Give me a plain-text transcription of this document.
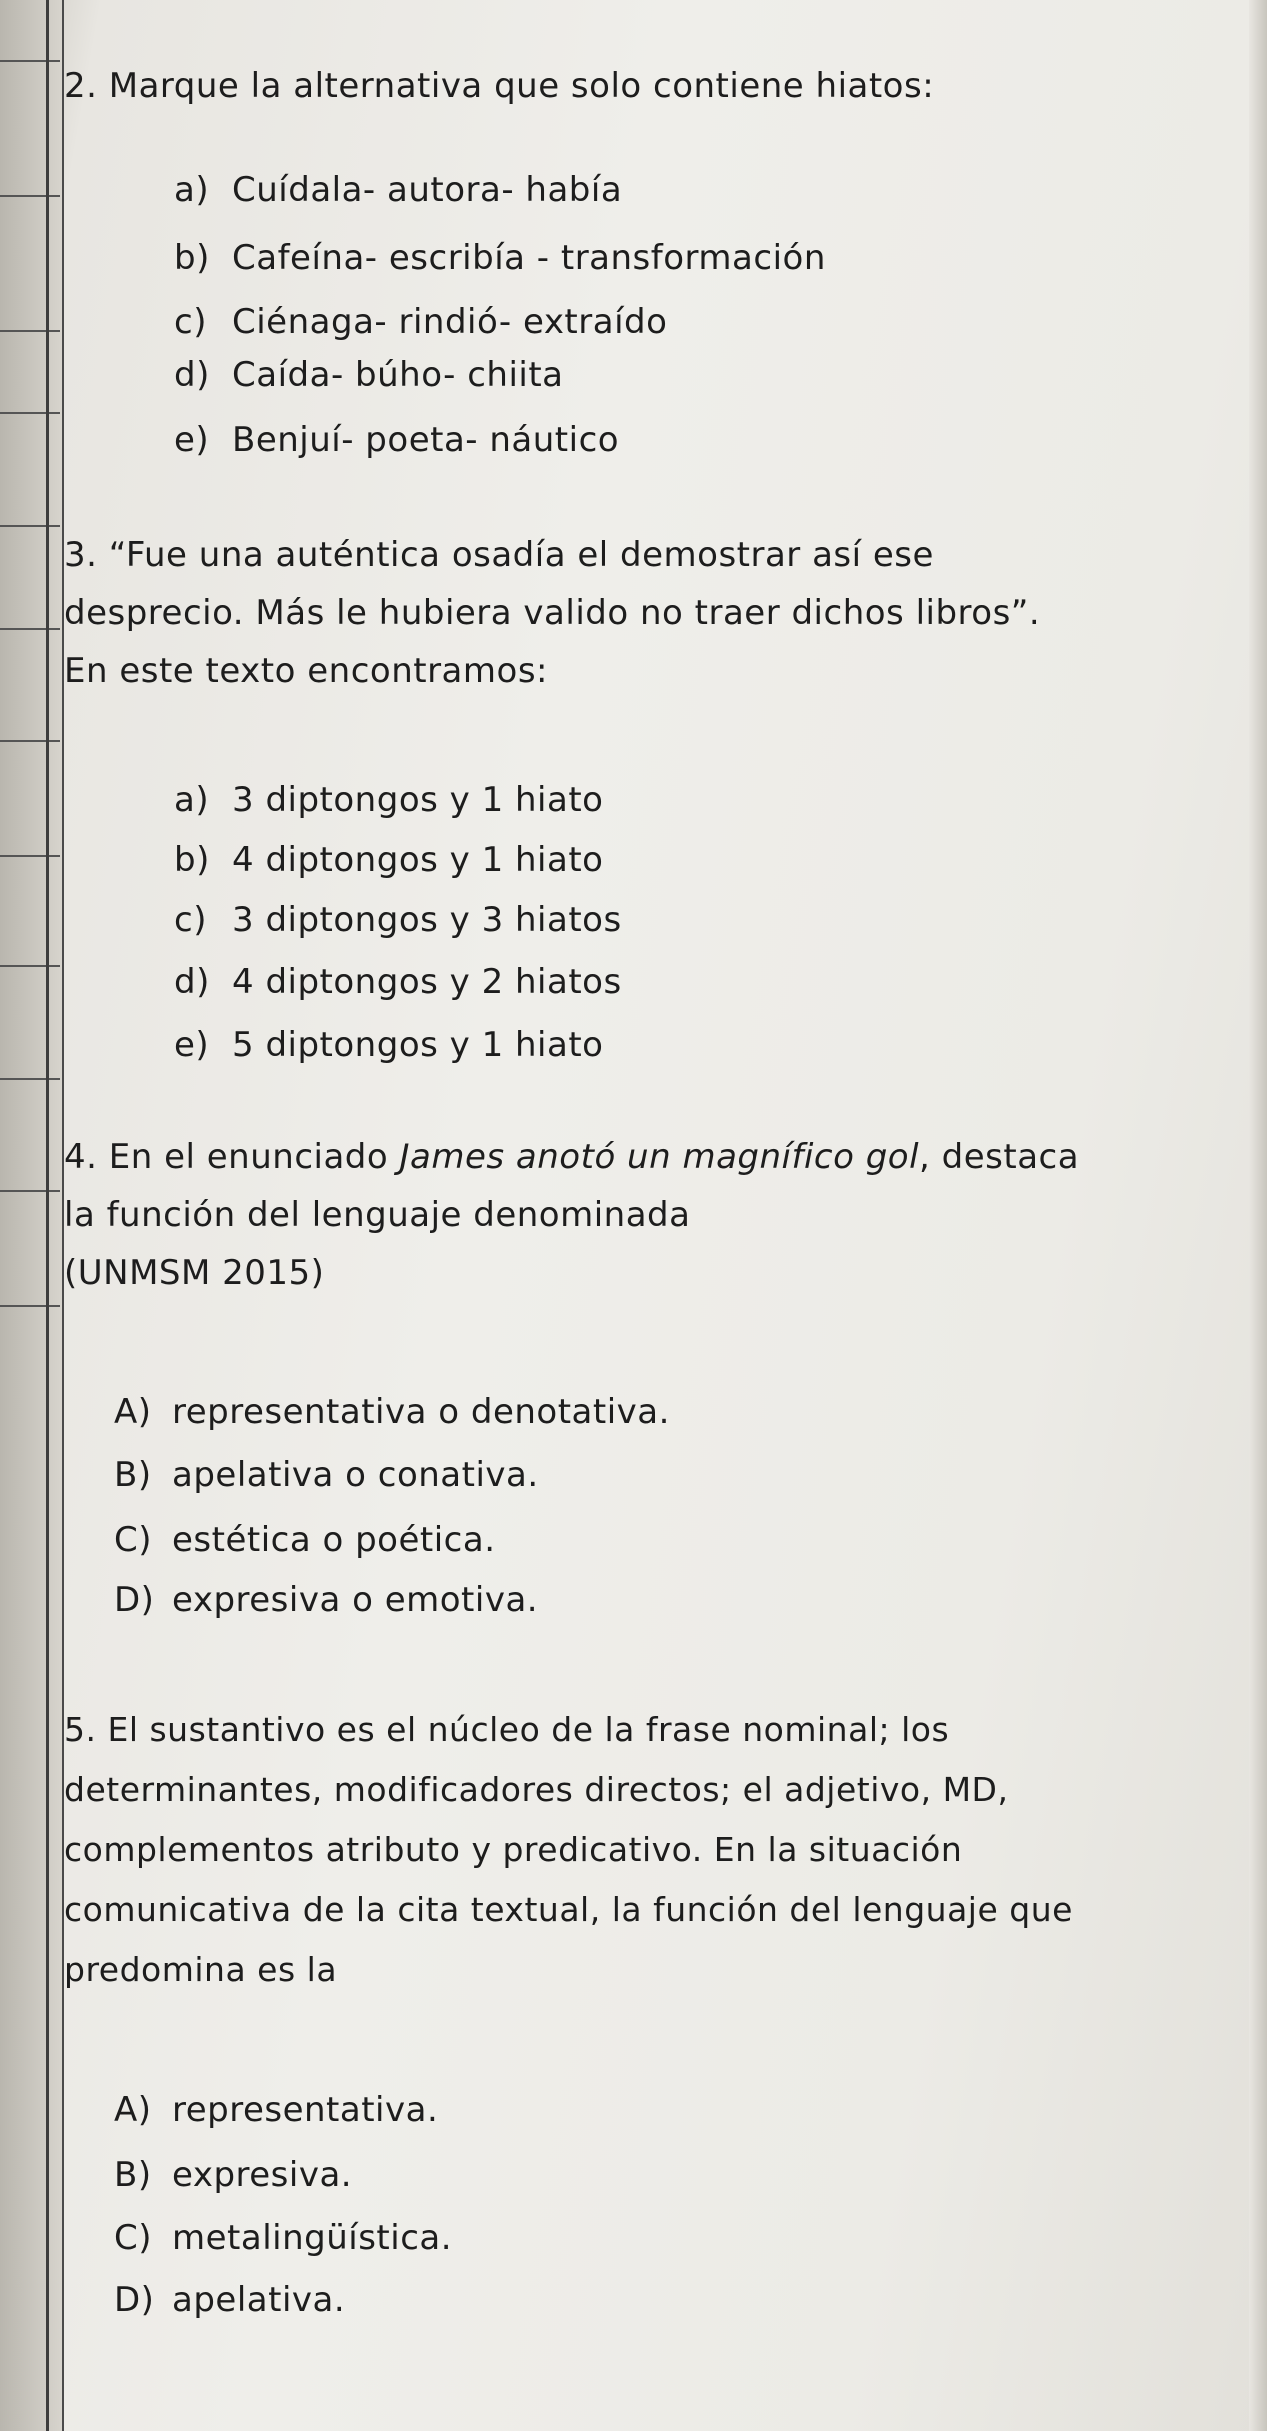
2. Marque la alternativa que solo contiene hiatos:

a) Cuídala- autora- había
b) Cafeína- escribía - transformación
c) Ciénaga- rindió- extraído
d) Caída- búho- chiita
e) Benjuí- poeta- náutico

3. “Fue una auténtica osadía el demostrar así ese

desprecio. Más le hubiera valido no traer dichos libros”.

En este texto encontramos:

a) 3 diptongos y 1 hiato
b) 4 diptongos y 1 hiato
c) 3 diptongos y 3 hiatos
d) 4 diptongos y 2 hiatos
e) 5 diptongos y 1 hiato

4. En el enunciado James anotó un magnífico gol, destaca

la función del lenguaje denominada

(UNMSM 2015)

A) representativa o denotativa.
B) apelativa o conativa.
C) estética o poética.
D) expresiva o emotiva.

5. El sustantivo es el núcleo de la frase nominal; los

determinantes, modificadores directos; el adjetivo, MD,

complementos atributo y predicativo. En la situación

comunicativa de la cita textual, la función del lenguaje que

predomina es la

A) representativa.
B) expresiva.
C) metalingüística.
D) apelativa.
